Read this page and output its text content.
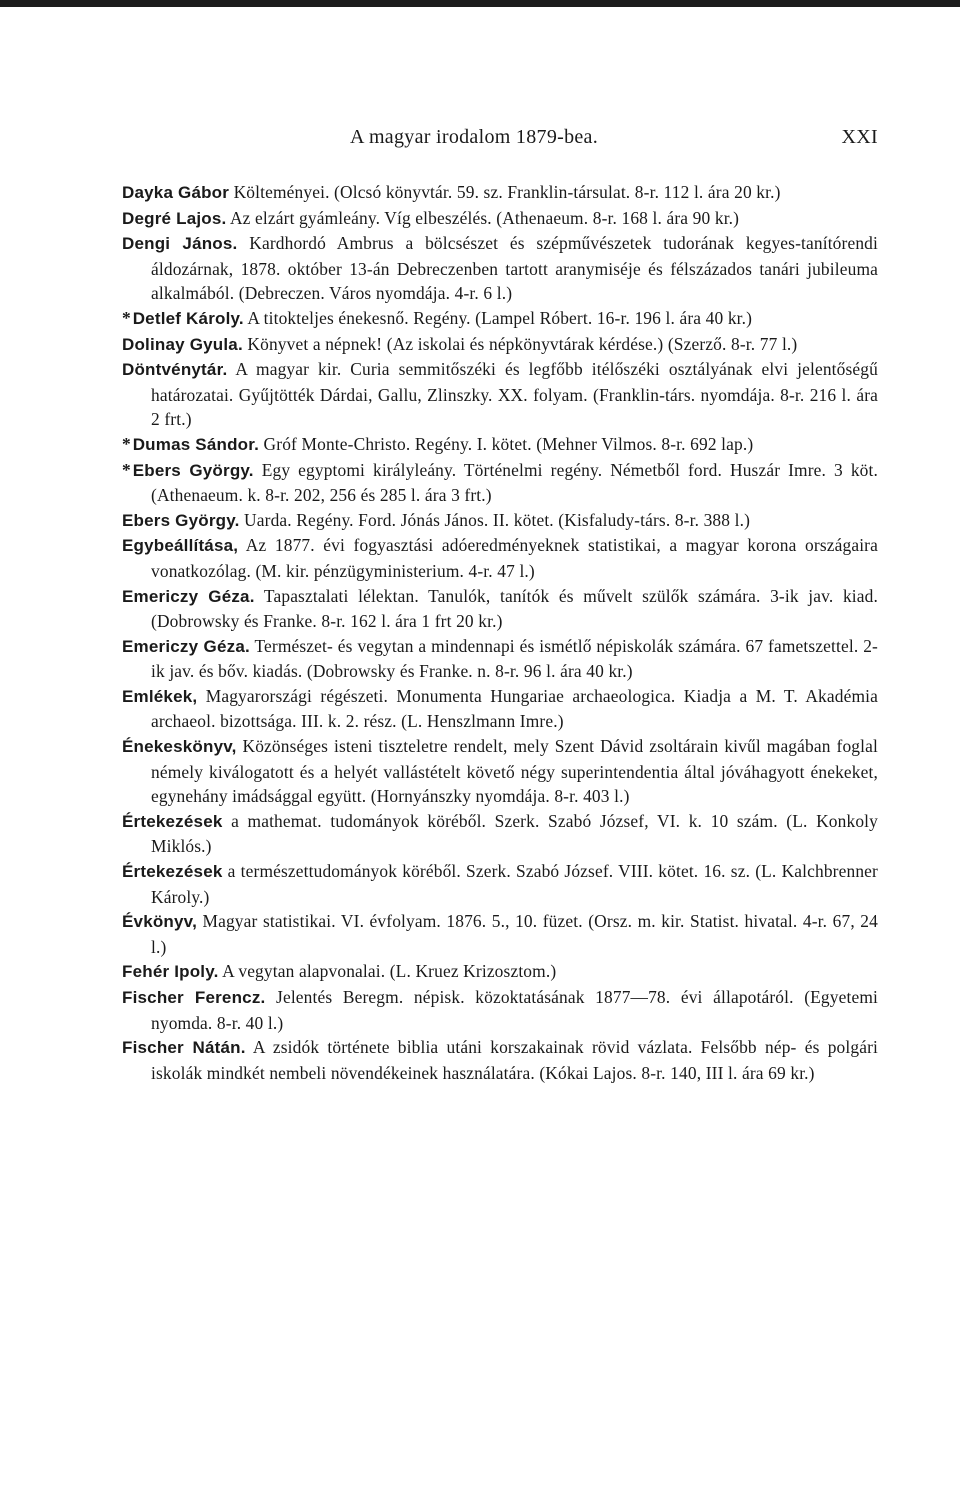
A magyar irodalom 1879-bea.	XXI

Dayka Gábor Költeményei. (Olcsó könyvtár. 59. sz. Franklin-társulat. 8-r. 112 l. ára 20 kr.)

Degré Lajos. Az elzárt gyámleány. Víg elbeszélés. (Athenaeum. 8-r. 168 l. ára 90 kr.)

Dengi János. Kardhordó Ambrus a bölcsészet és szépművészetek tudorának kegyes-tanítórendi áldozárnak, 1878. október 13-án Debreczenben tartott aranymiséje és félszázados tanári jubileuma alkalmából. (Debreczen. Város nyomdája. 4-r. 6 l.)

* Detlef Károly. A titokteljes énekesnő. Regény. (Lampel Róbert. 16-r. 196 l. ára 40 kr.)

Dolinay Gyula. Könyvet a népnek! (Az iskolai és népkönyvtárak kérdése.) (Szerző. 8-r. 77 l.)

Döntvénytár. A magyar kir. Curia semmitőszéki és legfőbb itélőszéki osztályának elvi jelentőségű határozatai. Gyűjtötték Dárdai, Gallu, Zlinszky. XX. folyam. (Franklin-társ. nyomdája. 8-r. 216 l. ára 2 frt.)

* Dumas Sándor. Gróf Monte-Christo. Regény. I. kötet. (Mehner Vilmos. 8-r. 692 lap.)

* Ebers György. Egy egyptomi királyleány. Történelmi regény. Németből ford. Huszár Imre. 3 köt. (Athenaeum. k. 8-r. 202, 256 és 285 l. ára 3 frt.)

Ebers György. Uarda. Regény. Ford. Jónás János. II. kötet. (Kisfaludy-társ. 8-r. 388 l.)

Egybeállítása, Az 1877. évi fogyasztási adóeredményeknek statistikai, a magyar korona országaira vonatkozólag. (M. kir. pénzügyministerium. 4-r. 47 l.)

Emericzy Géza. Tapasztalati lélektan. Tanulók, tanítók és művelt szülők számára. 3-ik jav. kiad. (Dobrowsky és Franke. 8-r. 162 l. ára 1 frt 20 kr.)

Emericzy Géza. Természet- és vegytan a mindennapi és ismétlő népiskolák számára. 67 fametszettel. 2-ik jav. és bőv. kiadás. (Dobrowsky és Franke. n. 8-r. 96 l. ára 40 kr.)

Emlékek, Magyarországi régészeti. Monumenta Hungariae archaeologica. Kiadja a M. T. Akadémia archaeol. bizottsága. III. k. 2. rész. (L. Henszlmann Imre.)

Énekeskönyv, Közönséges isteni tiszteletre rendelt, mely Szent Dávid zsoltárain kivűl magában foglal némely kiválogatott és a helyét vallástételt követő négy superintendentia által jóváhagyott énekeket, egynehány imádsággal együtt. (Hornyánszky nyomdája. 8-r. 403 l.)

Értekezések a mathemat. tudományok köréből. Szerk. Szabó József, VI. k. 10 szám. (L. Konkoly Miklós.)

Értekezések a természettudományok köréből. Szerk. Szabó József. VIII. kötet. 16. sz. (L. Kalchbrenner Károly.)

Évkönyv, Magyar statistikai. VI. évfolyam. 1876. 5., 10. füzet. (Orsz. m. kir. Statist. hivatal. 4-r. 67, 24 l.)

Fehér Ipoly. A vegytan alapvonalai. (L. Kruez Krizosztom.)

Fischer Ferencz. Jelentés Beregm. népisk. közoktatásának 1877—78. évi állapotáról. (Egyetemi nyomda. 8-r. 40 l.)

Fischer Nátán. A zsidók története biblia utáni korszakainak rövid vázlata. Felsőbb nép- és polgári iskolák mindkét nembeli növendékeinek használatára. (Kókai Lajos. 8-r. 140, III l. ára 69 kr.)
